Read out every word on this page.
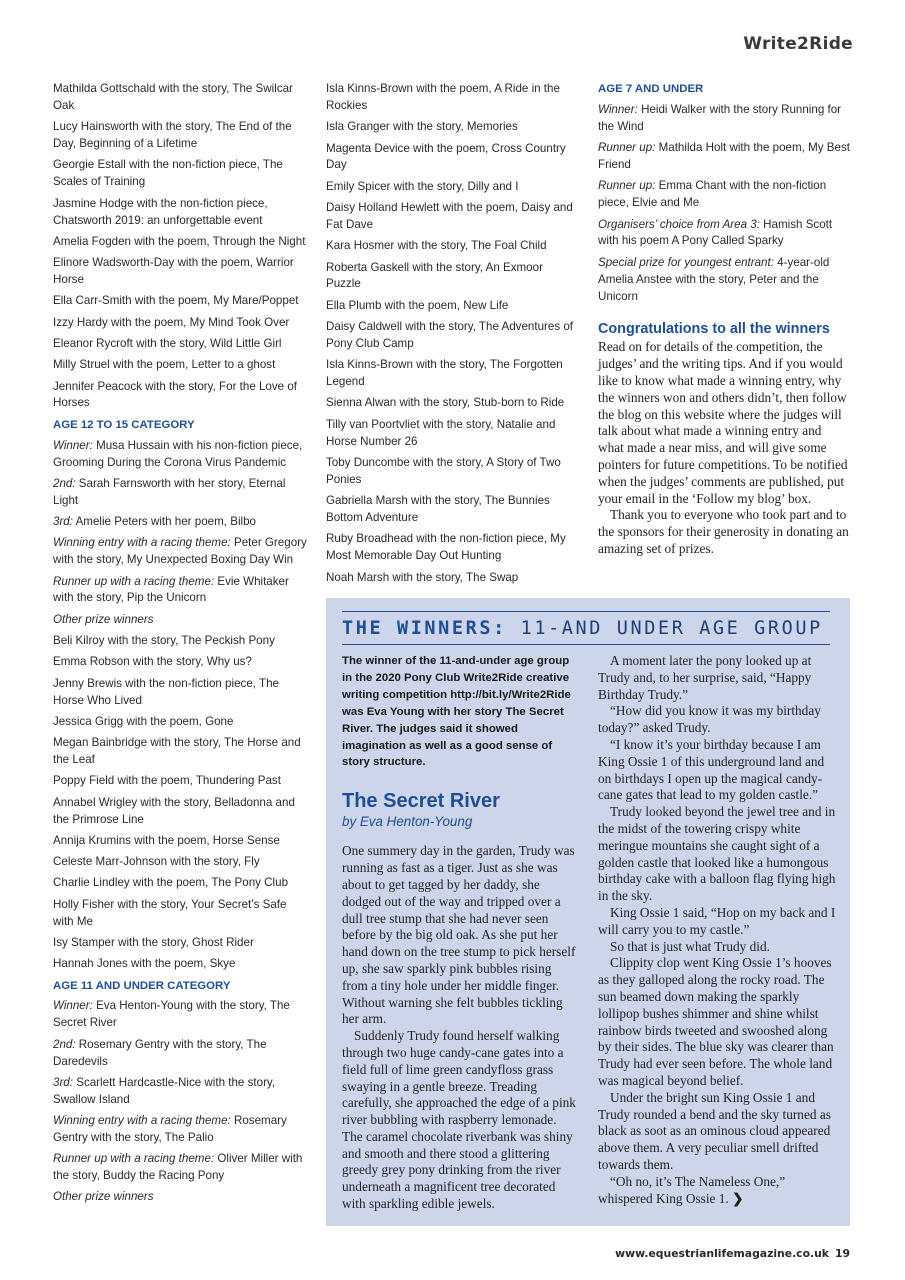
Write2Ride

Mathilda Gottschald with the story, The Swilcar Oak

Lucy Hainsworth with the story, The End of the Day, Beginning of a Lifetime

Georgie Estall with the non-fiction piece, The Scales of Training

Jasmine Hodge with the non-fiction piece, Chatsworth 2019: an unforgettable event

Amelia Fogden with the poem, Through the Night

Elinore Wadsworth-Day with the poem, Warrior Horse

Ella Carr-Smith with the poem, My Mare/Poppet

Izzy Hardy with the poem, My Mind Took Over

Eleanor Rycroft with the story, Wild Little Girl

Milly Struel with the poem, Letter to a ghost

Jennifer Peacock with the story, For the Love of Horses

AGE 12 TO 15 CATEGORY

Winner: Musa Hussain with his non-fiction piece, Grooming During the Corona Virus Pandemic

2nd: Sarah Farnsworth with her story, Eternal Light

3rd: Amelie Peters with her poem, Bilbo

Winning entry with a racing theme: Peter Gregory with the story, My Unexpected Boxing Day Win

Runner up with a racing theme: Evie Whitaker with the story, Pip the Unicorn

Other prize winners

Beli Kilroy with the story, The Peckish Pony

Emma Robson with the story, Why us?

Jenny Brewis with the non-fiction piece, The Horse Who Lived

Jessica Grigg with the poem, Gone

Megan Bainbridge with the story, The Horse and the Leaf

Poppy Field with the poem, Thundering Past

Annabel Wrigley with the story, Belladonna and the Primrose Line

Annija Krumins with the poem, Horse Sense

Celeste Marr-Johnson with the story, Fly

Charlie Lindley with the poem, The Pony Club

Holly Fisher with the story, Your Secret’s Safe with Me

Isy Stamper with the story, Ghost Rider

Hannah Jones with the poem, Skye

AGE 11 AND UNDER CATEGORY

Winner: Eva Henton-Young with the story, The Secret River

2nd: Rosemary Gentry with the story, The Daredevils

3rd: Scarlett Hardcastle-Nice with the story, Swallow Island

Winning entry with a racing theme: Rosemary Gentry with the story, The Palio

Runner up with a racing theme: Oliver Miller with the story, Buddy the Racing Pony

Other prize winners

Isla Kinns-Brown with the poem, A Ride in the Rockies

Isla Granger with the story, Memories

Magenta Device with the poem, Cross Country Day

Emily Spicer with the story, Dilly and I

Daisy Holland Hewlett with the poem, Daisy and Fat Dave

Kara Hosmer with the story, The Foal Child

Roberta Gaskell with the story, An Exmoor Puzzle

Ella Plumb with the poem, New Life

Daisy Caldwell with the story, The Adventures of Pony Club Camp

Isla Kinns-Brown with the story, The Forgotten Legend

Sienna Alwan with the story, Stub-born to Ride

Tilly van Poortvliet with the story, Natalie and Horse Number 26

Toby Duncombe with the story, A Story of Two Ponies

Gabriella Marsh with the story, The Bunnies Bottom Adventure

Ruby Broadhead with the non-fiction piece, My Most Memorable Day Out Hunting

Noah Marsh with the story, The Swap

AGE 7 AND UNDER

Winner: Heidi Walker with the story Running for the Wind

Runner up: Mathilda Holt with the poem, My Best Friend

Runner up: Emma Chant with the non-fiction piece, Elvie and Me

Organisers’ choice from Area 3: Hamish Scott with his poem A Pony Called Sparky

Special prize for youngest entrant: 4-year-old Amelia Anstee with the story, Peter and the Unicorn

Congratulations to all the winners

Read on for details of the competition, the judges’ and the writing tips. And if you would like to know what made a winning entry, why the winners won and others didn’t, then follow the blog on this website where the judges will talk about what made a winning entry and what made a near miss, and will give some pointers for future competitions. To be notified when the judges’ comments are published, put your email in the ‘Follow my blog’ box.

Thank you to everyone who took part and to the sponsors for their generosity in donating an amazing set of prizes.

THE WINNERS: 11-AND UNDER AGE GROUP

The winner of the 11-and-under age group in the 2020 Pony Club Write2Ride creative writing competition http://bit.ly/Write2Ride was Eva Young with her story The Secret River. The judges said it showed imagination as well as a good sense of story structure.

The Secret River

by Eva Henton-Young

One summery day in the garden, Trudy was running as fast as a tiger. Just as she was about to get tagged by her daddy, she dodged out of the way and tripped over a dull tree stump that she had never seen before by the big old oak. As she put her hand down on the tree stump to pick herself up, she saw sparkly pink bubbles rising from a tiny hole under her middle finger. Without warning she felt bubbles tickling her arm.

Suddenly Trudy found herself walking through two huge candy-cane gates into a field full of lime green candyfloss grass swaying in a gentle breeze. Treading carefully, she approached the edge of a pink river bubbling with raspberry lemonade. The caramel chocolate riverbank was shiny and smooth and there stood a glittering greedy grey pony drinking from the river underneath a magnificent tree decorated with sparkling edible jewels.

A moment later the pony looked up at Trudy and, to her surprise, said, “Happy Birthday Trudy.”

“How did you know it was my birthday today?” asked Trudy.

“I know it’s your birthday because I am King Ossie 1 of this underground land and on birthdays I open up the magical candy-cane gates that lead to my golden castle.”

Trudy looked beyond the jewel tree and in the midst of the towering crispy white meringue mountains she caught sight of a golden castle that looked like a humongous birthday cake with a balloon flag flying high in the sky.

King Ossie 1 said, “Hop on my back and I will carry you to my castle.”

So that is just what Trudy did.

Clippity clop went King Ossie 1’s hooves as they galloped along the rocky road. The sun beamed down making the sparkly lollipop bushes shimmer and shine whilst rainbow birds tweeted and swooshed along by their sides. The blue sky was clearer than Trudy had ever seen before. The whole land was magical beyond belief.

Under the bright sun King Ossie 1 and Trudy rounded a bend and the sky turned as black as soot as an ominous cloud appeared above them. A very peculiar smell drifted towards them.

“Oh no, it’s The Nameless One,” whispered King Ossie 1. ❯

www.equestrianlifemagazine.co.uk 19
